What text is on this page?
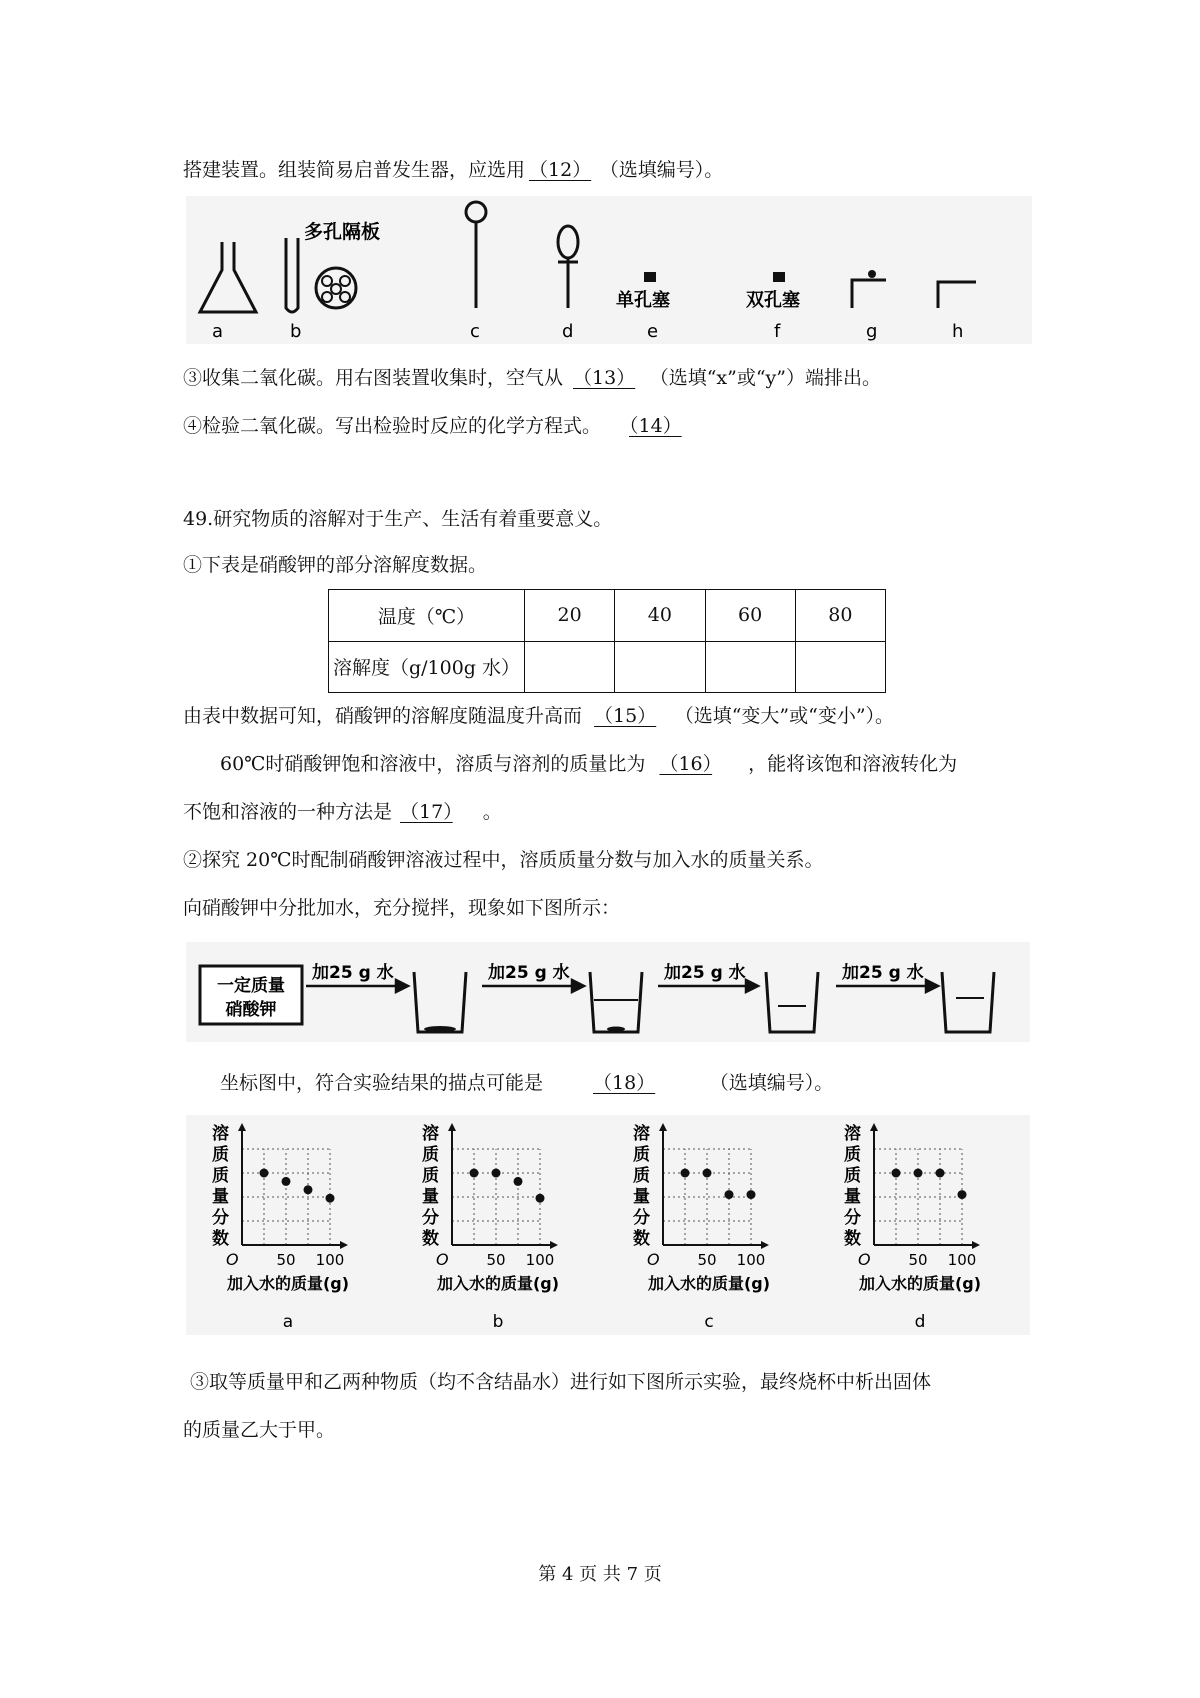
搭建装置。组装简易启普发生器，应选用 （12） （选填编号）。
多孔隔板
单孔塞	双孔塞
a	b	c	d	e	f	g	h
③收集二氧化碳。用右图装置收集时，空气从 （13） （选填“x”或“y”）端排出。
④检验二氧化碳。写出检验时反应的化学方程式。 （14）
49.研究物质的溶解对于生产、生活有着重要意义。
①下表是硝酸钾的部分溶解度数据。
温度（℃）	20	40	60	80
溶解度（g/100g 水）				
由表中数据可知，硝酸钾的溶解度随温度升高而 （15） （选填“变大”或“变小”）。
60℃时硝酸钾饱和溶液中，溶质与溶剂的质量比为 （16） ，能将该饱和溶液转化为
不饱和溶液的一种方法是 （17） 。
②探究 20℃时配制硝酸钾溶液过程中，溶质质量分数与加入水的质量关系。
向硝酸钾中分批加水，充分搅拌，现象如下图所示：
一定质量
硝酸钾
加25 g 水	加25 g 水	加25 g 水	加25 g 水
坐标图中，符合实验结果的描点可能是	（18）	（选填编号）。
溶
质
质
量
分
数
O	50 100
加入水的质量(g)
a
溶
质
质
量
分
数
O	50 100
加入水的质量(g)
b
溶
质
质
量
分
数
O	50 100
加入水的质量(g)
c
溶
质
质
量
分
数
O	50 100
加入水的质量(g)
d
③取等质量甲和乙两种物质（均不含结晶水）进行如下图所示实验，最终烧杯中析出固体
的质量乙大于甲。
第 4 页 共 7 页
